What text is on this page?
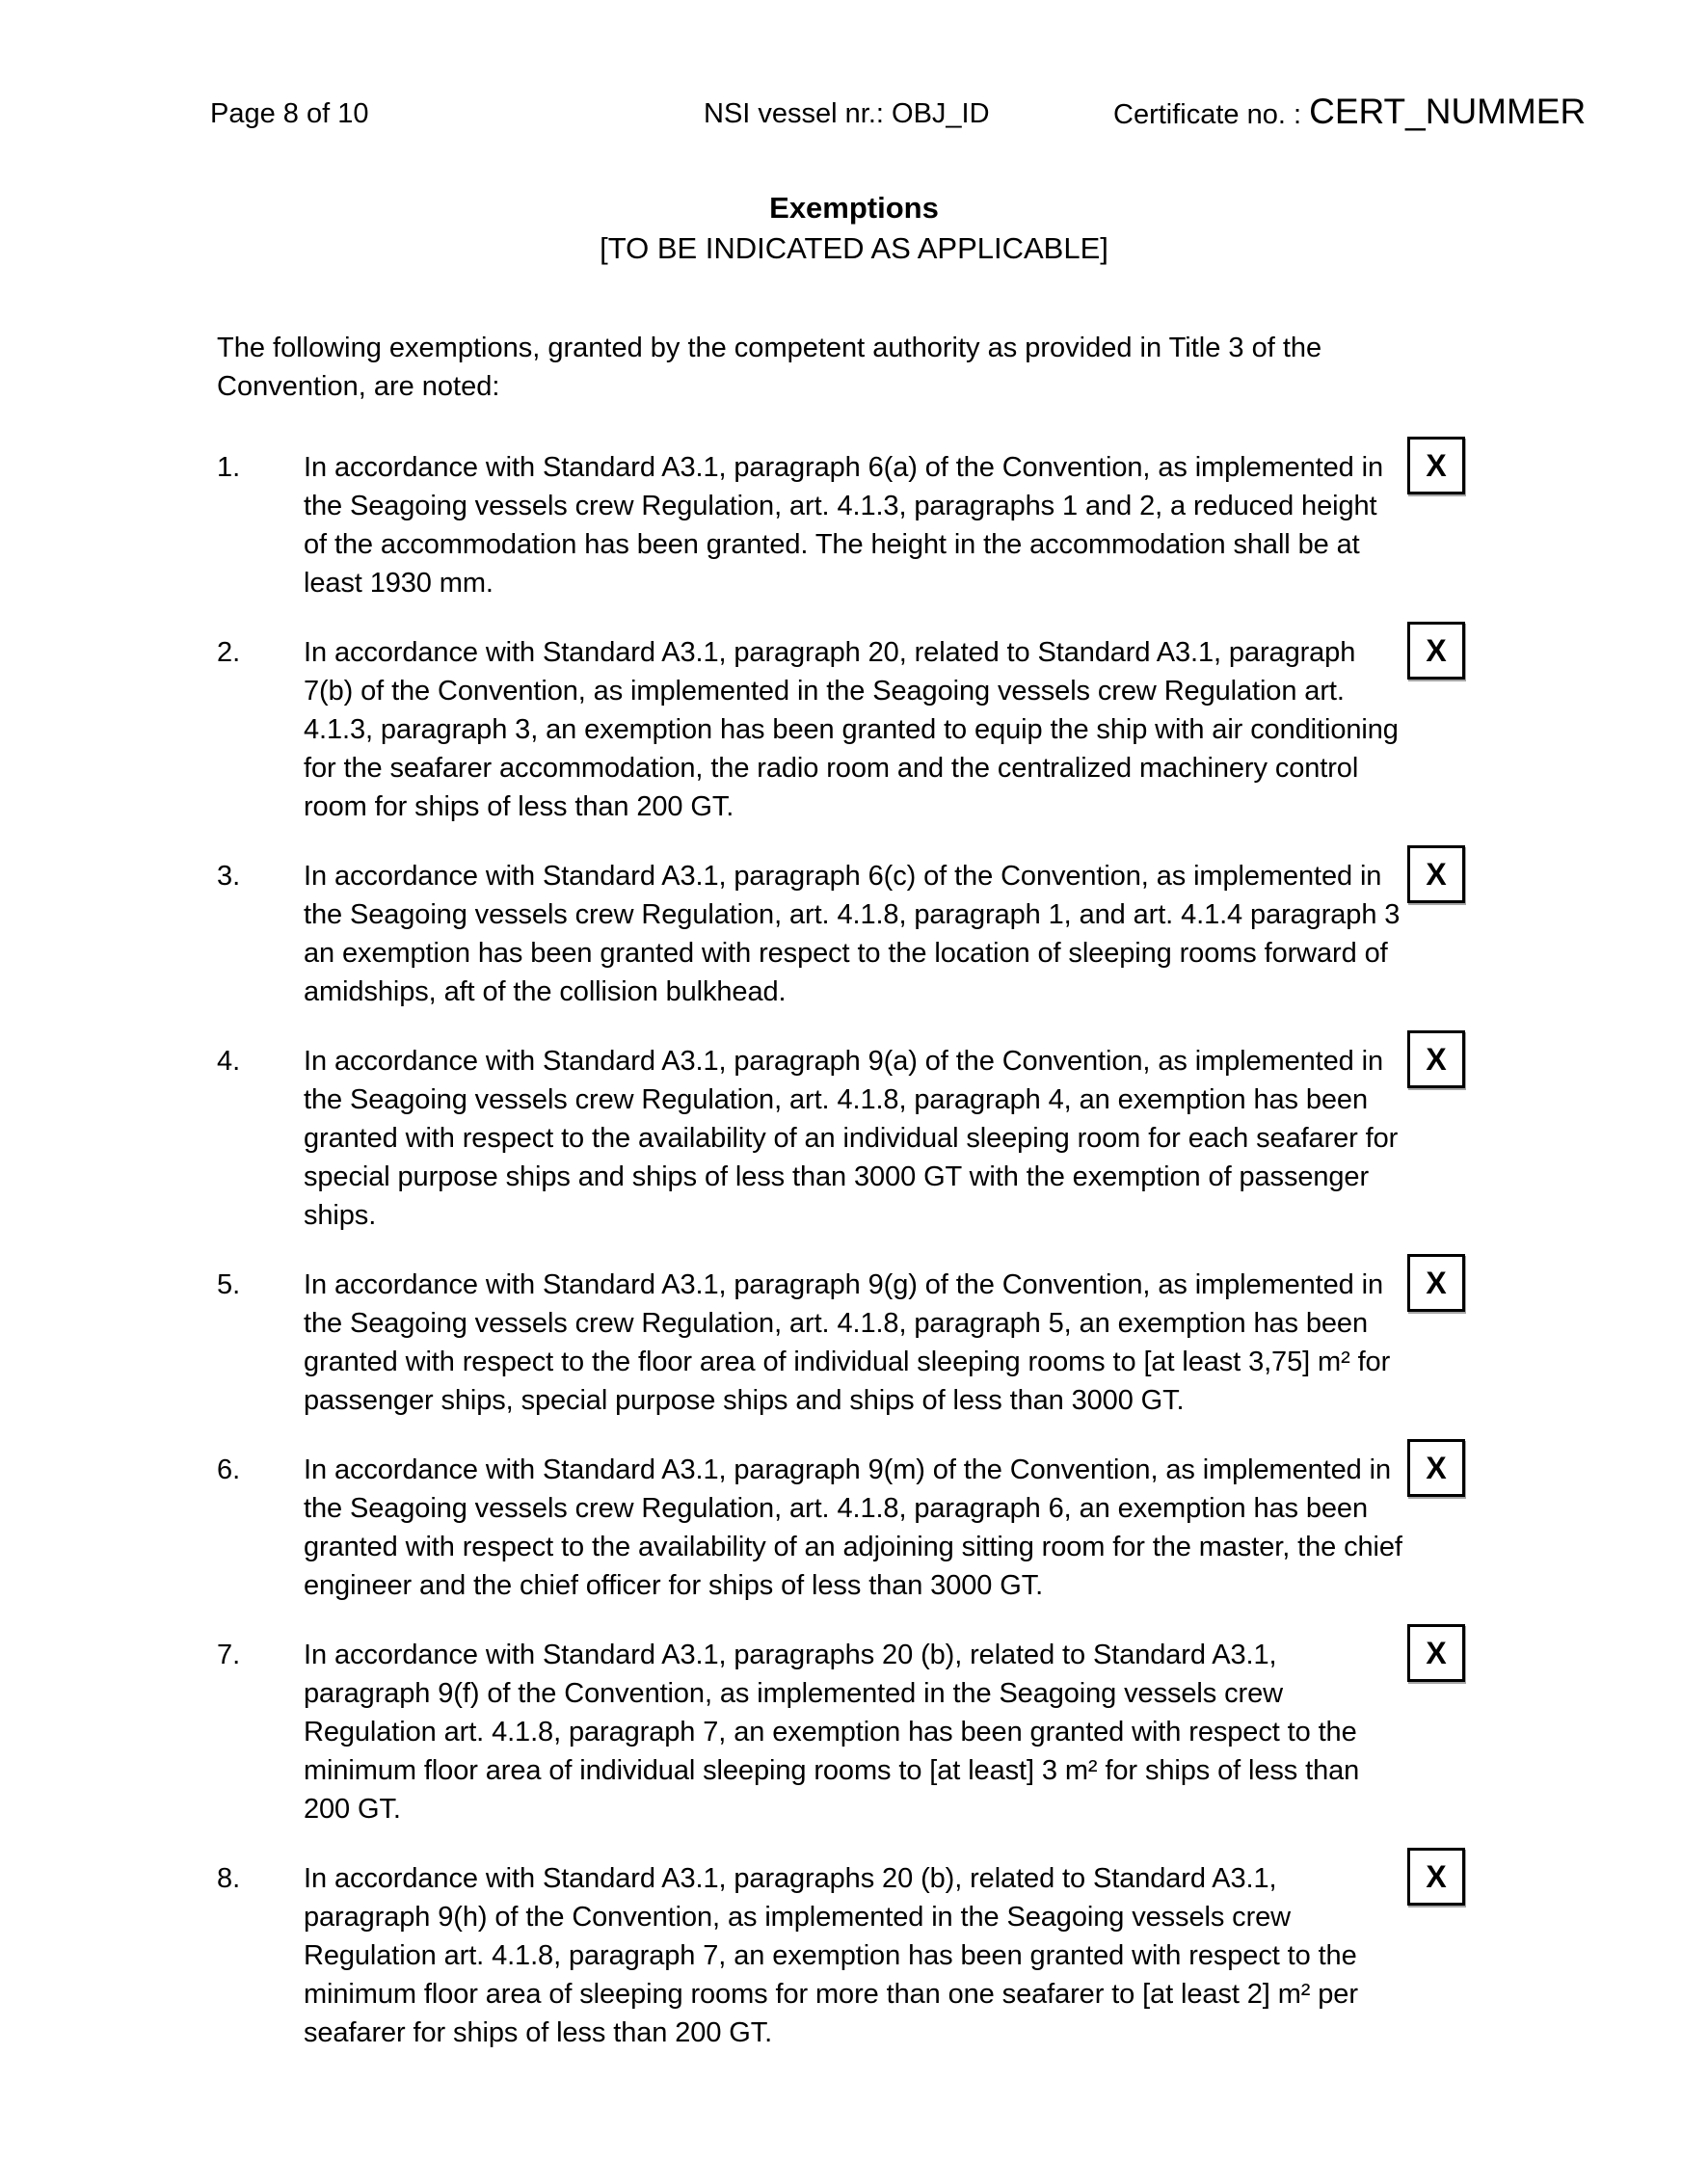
Page 8 of 10	NSI vessel nr.: OBJ_ID	Certificate no. : CERT_NUMMER
Exemptions
[TO BE INDICATED AS APPLICABLE]

The following exemptions, granted by the competent authority as provided in Title 3 of the Convention, are noted:

1.	In accordance with Standard A3.1, paragraph 6(a) of the Convention, as implemented in the Seagoing vessels crew Regulation, art. 4.1.3, paragraphs 1 and 2, a reduced height of the accommodation has been granted. The height in the accommodation shall be at least 1930 mm.
X
2.	In accordance with Standard A3.1, paragraph 20, related to Standard A3.1, paragraph 7(b) of the Convention, as implemented in the Seagoing vessels crew Regulation art. 4.1.3, paragraph 3, an exemption has been granted to equip the ship with air conditioning for the seafarer accommodation, the radio room and the centralized machinery control room for ships of less than 200 GT.
X
3.	In accordance with Standard A3.1, paragraph 6(c) of the Convention, as implemented in the Seagoing vessels crew Regulation, art. 4.1.8, paragraph 1, and art. 4.1.4 paragraph 3 an exemption has been granted with respect to the location of sleeping rooms forward of amidships, aft of the collision bulkhead.
X
4.	In accordance with Standard A3.1, paragraph 9(a) of the Convention, as implemented in the Seagoing vessels crew Regulation, art. 4.1.8, paragraph 4, an exemption has been granted with respect to the availability of an individual sleeping room for each seafarer for special purpose ships and ships of less than 3000 GT with the exemption of passenger ships.
X
5.	In accordance with Standard A3.1, paragraph 9(g) of the Convention, as implemented in the Seagoing vessels crew Regulation, art. 4.1.8, paragraph 5, an exemption has been granted with respect to the floor area of individual sleeping rooms to [at least 3,75] m² for passenger ships, special purpose ships and ships of less than 3000 GT.
X
6.	In accordance with Standard A3.1, paragraph 9(m) of the Convention, as implemented in the Seagoing vessels crew Regulation, art. 4.1.8, paragraph 6, an exemption has been granted with respect to the availability of an adjoining sitting room for the master, the chief engineer and the chief officer for ships of less than 3000 GT.
X
7.	In accordance with Standard A3.1, paragraphs 20 (b), related to Standard A3.1, paragraph 9(f) of the Convention, as implemented in the Seagoing vessels crew Regulation art. 4.1.8, paragraph 7, an exemption has been granted with respect to the minimum floor area of individual sleeping rooms to [at least] 3 m² for ships of less than 200 GT.
X
8.	In accordance with Standard A3.1, paragraphs 20 (b), related to Standard A3.1, paragraph 9(h) of the Convention, as implemented in the Seagoing vessels crew Regulation art. 4.1.8, paragraph 7, an exemption has been granted with respect to the minimum floor area of sleeping rooms for more than one seafarer to [at least 2] m² per seafarer for ships of less than 200 GT.
X
